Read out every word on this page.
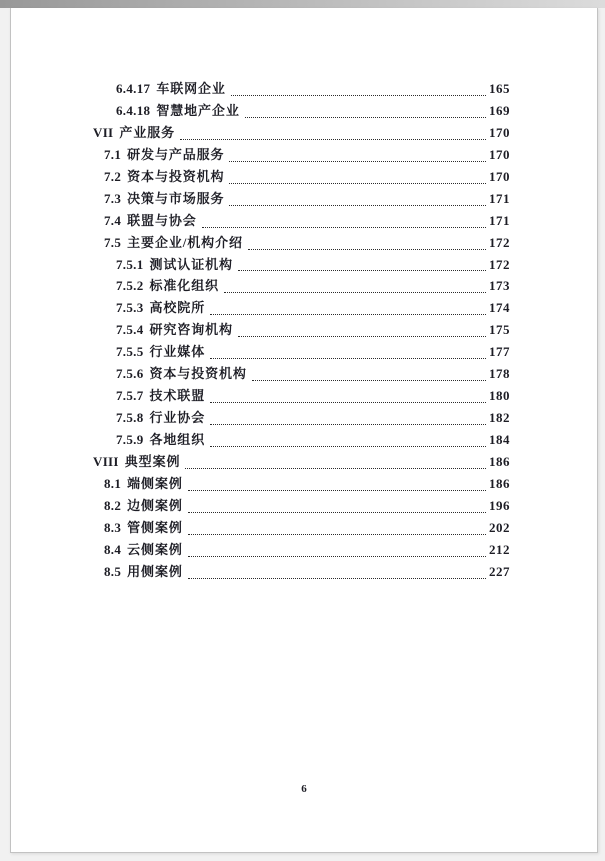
6.4.17 车联网企业	165
6.4.18 智慧地产企业	169
VII 产业服务	170
7.1 研发与产品服务	170
7.2 资本与投资机构	170
7.3 决策与市场服务	171
7.4 联盟与协会	171
7.5 主要企业/机构介绍	172
7.5.1 测试认证机构	172
7.5.2 标准化组织	173
7.5.3 高校院所	174
7.5.4 研究咨询机构	175
7.5.5 行业媒体	177
7.5.6 资本与投资机构	178
7.5.7 技术联盟	180
7.5.8 行业协会	182
7.5.9 各地组织	184
VIII 典型案例	186
8.1 端侧案例	186
8.2 边侧案例	196
8.3 管侧案例	202
8.4 云侧案例	212
8.5 用侧案例	227
6
